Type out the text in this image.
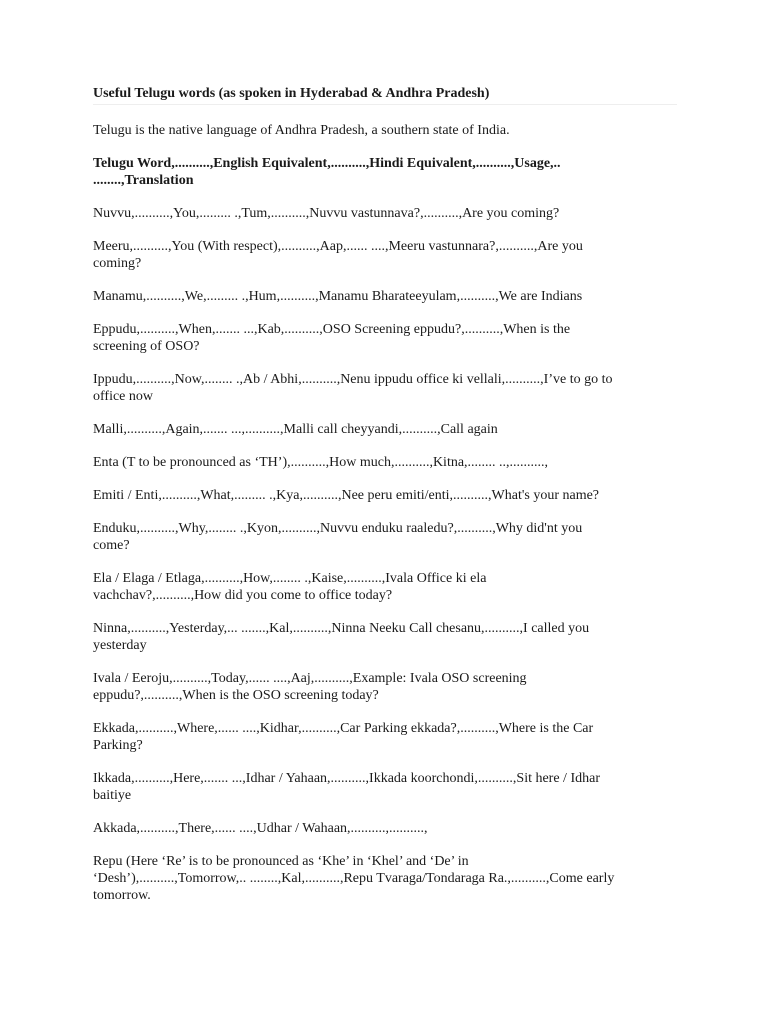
Useful Telugu words (as spoken in Hyderabad & Andhra Pradesh)
Telugu is the native language of Andhra Pradesh, a southern state of India.
Telugu Word,..........,English Equivalent,..........,Hindi Equivalent,..........,Usage,..
........,Translation
Nuvvu,..........,You,......... .,Tum,..........,Nuvvu vastunnava?,..........,Are you coming?
Meeru,..........,You (With respect),..........,Aap,...... ....,Meeru vastunnara?,..........,Are you
coming?
Manamu,..........,We,......... .,Hum,..........,Manamu Bharateeyulam,..........,We are Indians
Eppudu,..........,When,....... ...,Kab,..........,OSO Screening eppudu?,..........,When is the
screening of OSO?
Ippudu,..........,Now,........ .,Ab / Abhi,..........,Nenu ippudu office ki vellali,..........,I’ve to go to
office now
Malli,..........,Again,....... ...,..........,Malli call cheyyandi,..........,Call again
Enta (T to be pronounced as ‘TH’),..........,How much,..........,Kitna,........ ..,..........,
Emiti / Enti,..........,What,......... .,Kya,..........,Nee peru emiti/enti,..........,What's your name?
Enduku,..........,Why,........ .,Kyon,..........,Nuvvu enduku raaledu?,..........,Why did'nt you
come?
Ela / Elaga / Etlaga,..........,How,........ .,Kaise,..........,Ivala Office ki ela
vachchav?,..........,How did you come to office today?
Ninna,..........,Yesterday,... .......,Kal,..........,Ninna Neeku Call chesanu,..........,I called you
yesterday
Ivala / Eeroju,..........,Today,...... ....,Aaj,..........,Example: Ivala OSO screening
eppudu?,..........,When is the OSO screening today?
Ekkada,..........,Where,...... ....,Kidhar,..........,Car Parking ekkada?,..........,Where is the Car
Parking?
Ikkada,..........,Here,....... ...,Idhar / Yahaan,..........,Ikkada koorchondi,..........,Sit here / Idhar
baitiye
Akkada,..........,There,...... ....,Udhar / Wahaan,..........,..........,
Repu (Here ‘Re’ is to be pronounced as ‘Khe’ in ‘Khel’ and ‘De’ in
‘Desh’),..........,Tomorrow,.. ........,Kal,..........,Repu Tvaraga/Tondaraga Ra.,..........,Come early
tomorrow.
